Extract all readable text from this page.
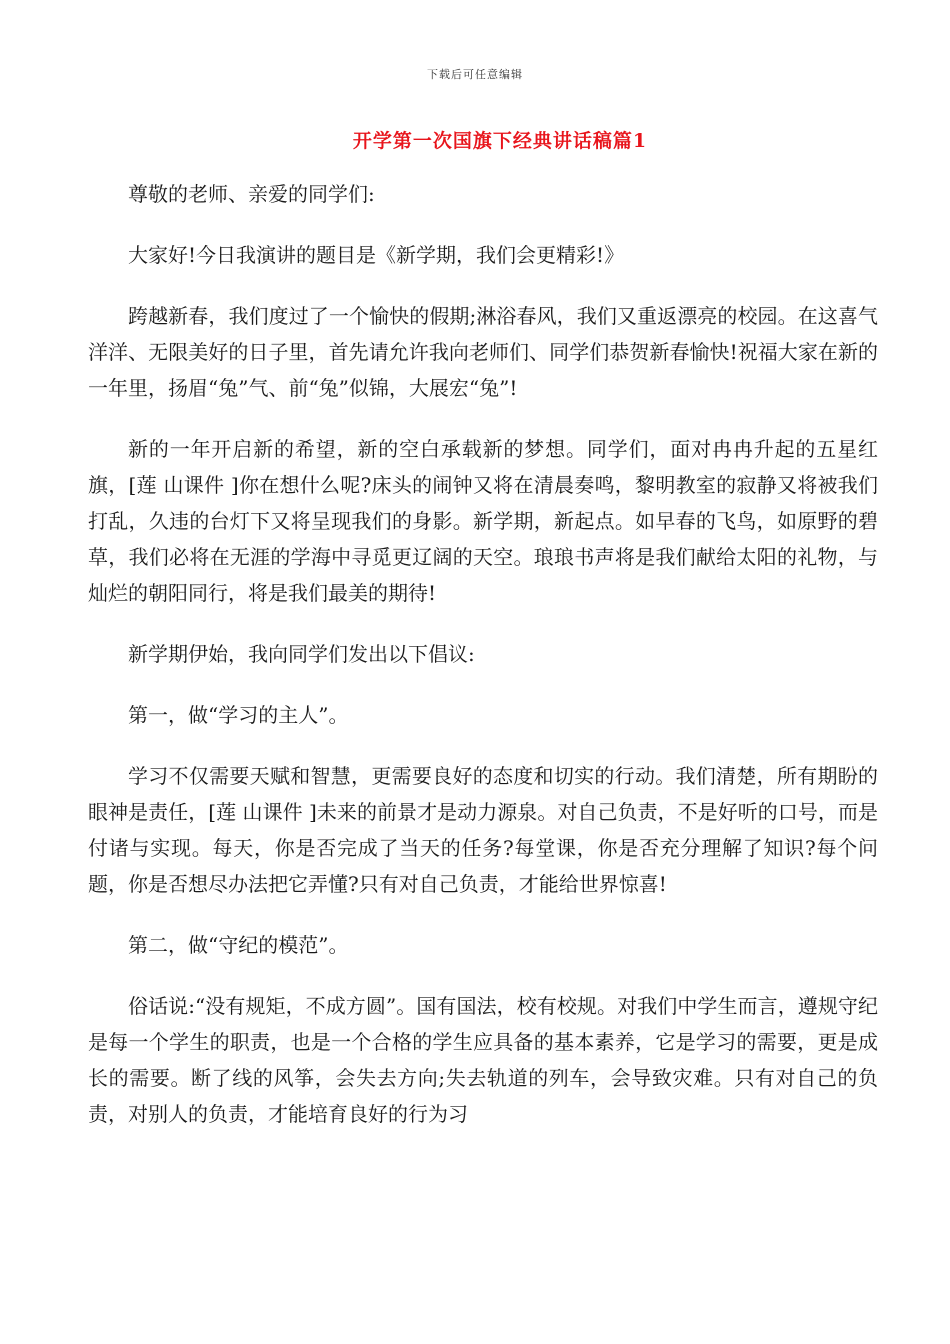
下载后可任意编辑
开学第一次国旗下经典讲话稿篇1

尊敬的老师、亲爱的同学们:

大家好!今日我演讲的题目是《新学期，我们会更精彩!》

跨越新春，我们度过了一个愉快的假期;淋浴春风，我们又重返漂亮的校园。在这喜气洋洋、无限美好的日子里，首先请允许我向老师们、同学们恭贺新春愉快!祝福大家在新的一年里，扬眉“兔”气、前“兔”似锦，大展宏“兔”!

新的一年开启新的希望，新的空白承载新的梦想。同学们，面对冉冉升起的五星红旗，[莲 山课件 ]你在想什么呢?床头的闹钟又将在清晨奏鸣，黎明教室的寂静又将被我们打乱，久违的台灯下又将呈现我们的身影。新学期，新起点。如早春的飞鸟，如原野的碧草，我们必将在无涯的学海中寻觅更辽阔的天空。琅琅书声将是我们献给太阳的礼物，与灿烂的朝阳同行，将是我们最美的期待!

新学期伊始，我向同学们发出以下倡议:

第一，做“学习的主人”。

学习不仅需要天赋和智慧，更需要良好的态度和切实的行动。我们清楚，所有期盼的眼神是责任，[莲 山课件 ]未来的前景才是动力源泉。对自己负责，不是好听的口号，而是付诸与实现。每天，你是否完成了当天的任务?每堂课，你是否充分理解了知识?每个问题，你是否想尽办法把它弄懂?只有对自己负责，才能给世界惊喜!

第二，做“守纪的模范”。

俗话说:“没有规矩，不成方圆”。国有国法，校有校规。对我们中学生而言，遵规守纪是每一个学生的职责，也是一个合格的学生应具备的基本素养，它是学习的需要，更是成长的需要。断了线的风筝，会失去方向;失去轨道的列车，会导致灾难。只有对自己的负责，对别人的负责，才能培育良好的行为习
